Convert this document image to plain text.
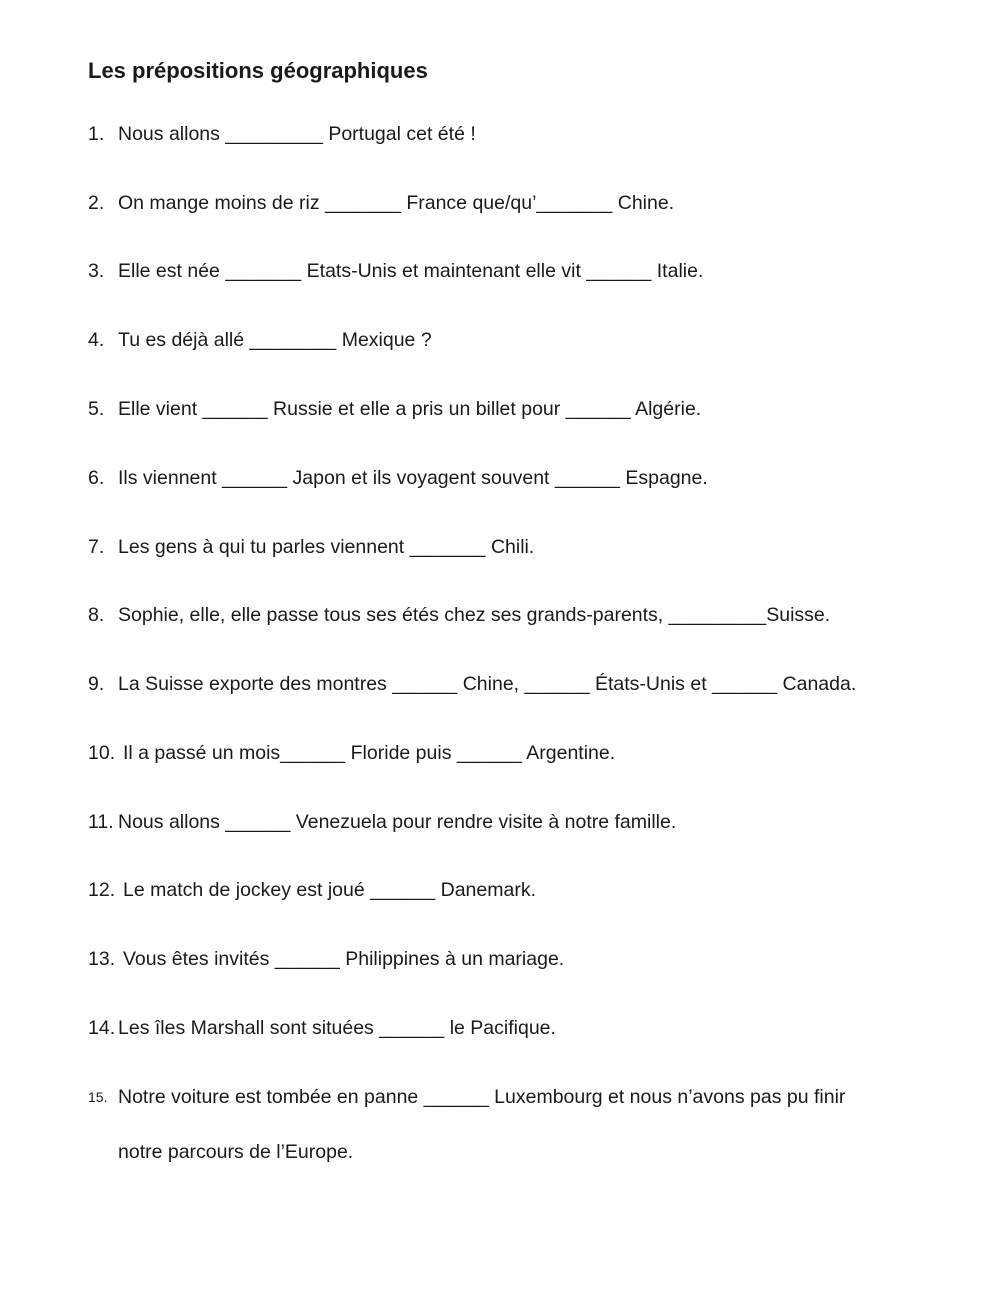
Les prépositions géographiques
1. Nous allons _________ Portugal cet été !
2. On mange moins de riz _______ France que/qu’_______ Chine.
3. Elle est née _______ Etats-Unis et maintenant elle vit ______ Italie.
4. Tu es déjà allé ________ Mexique ?
5. Elle vient ______ Russie et elle a pris un billet pour ______ Algérie.
6. Ils viennent ______ Japon et ils voyagent souvent ______ Espagne.
7. Les gens à qui tu parles viennent _______ Chili.
8. Sophie, elle, elle passe tous ses étés chez ses grands-parents, _________Suisse.
9. La Suisse exporte des montres ______ Chine, ______ États-Unis et ______ Canada.
10. Il a passé un mois______ Floride puis ______ Argentine.
11. Nous allons ______ Venezuela pour rendre visite à notre famille.
12. Le match de jockey est joué ______ Danemark.
13. Vous êtes invités ______ Philippines à un mariage.
14. Les îles Marshall sont situées ______ le Pacifique.
15. Notre voiture est tombée en panne ______ Luxembourg et nous n’avons pas pu finir
notre parcours de l’Europe.
